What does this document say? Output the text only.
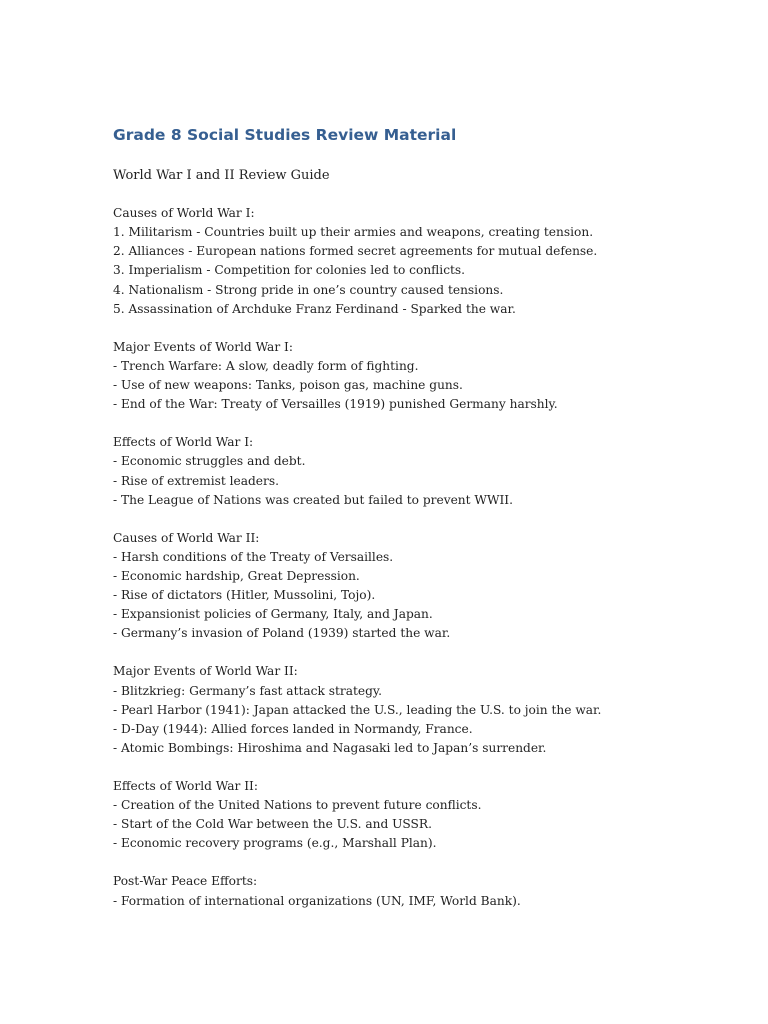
Grade 8 Social Studies Review Material
World War I and II Review Guide
Causes of World War I:
1. Militarism - Countries built up their armies and weapons, creating tension.
2. Alliances - European nations formed secret agreements for mutual defense.
3. Imperialism - Competition for colonies led to conflicts.
4. Nationalism - Strong pride in one’s country caused tensions.
5. Assassination of Archduke Franz Ferdinand - Sparked the war.
Major Events of World War I:
- Trench Warfare: A slow, deadly form of fighting.
- Use of new weapons: Tanks, poison gas, machine guns.
- End of the War: Treaty of Versailles (1919) punished Germany harshly.
Effects of World War I:
- Economic struggles and debt.
- Rise of extremist leaders.
- The League of Nations was created but failed to prevent WWII.
Causes of World War II:
- Harsh conditions of the Treaty of Versailles.
- Economic hardship, Great Depression.
- Rise of dictators (Hitler, Mussolini, Tojo).
- Expansionist policies of Germany, Italy, and Japan.
- Germany’s invasion of Poland (1939) started the war.
Major Events of World War II:
- Blitzkrieg: Germany’s fast attack strategy.
- Pearl Harbor (1941): Japan attacked the U.S., leading the U.S. to join the war.
- D-Day (1944): Allied forces landed in Normandy, France.
- Atomic Bombings: Hiroshima and Nagasaki led to Japan’s surrender.
Effects of World War II:
- Creation of the United Nations to prevent future conflicts.
- Start of the Cold War between the U.S. and USSR.
- Economic recovery programs (e.g., Marshall Plan).
Post-War Peace Efforts:
- Formation of international organizations (UN, IMF, World Bank).
